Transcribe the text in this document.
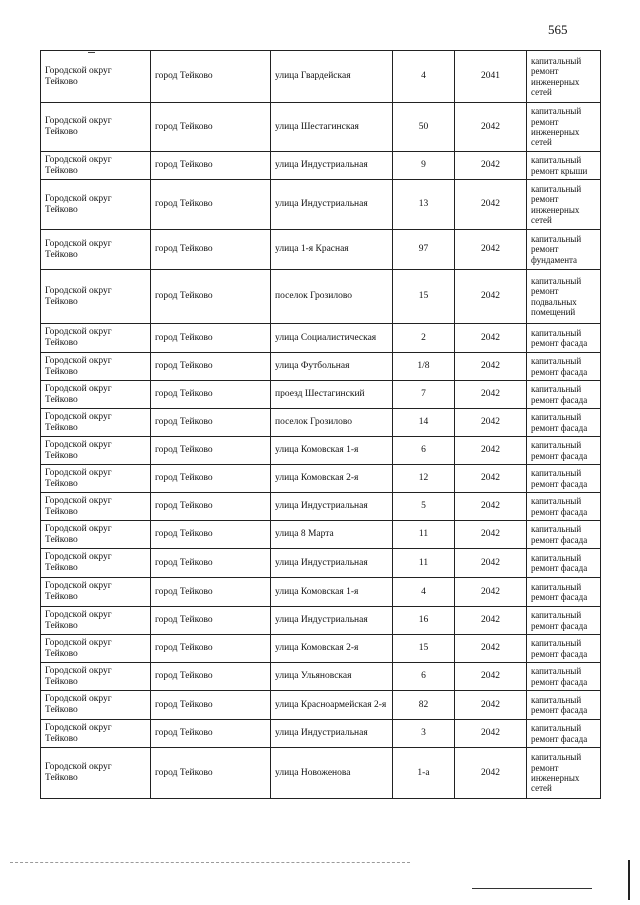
565
Городской округ Тейково	город Тейково	улица Гвардейская	4	2041	капитальный ремонт инженерных сетей
Городской округ Тейково	город Тейково	улица Шестагинская	50	2042	капитальный ремонт инженерных сетей
Городской округ Тейково	город Тейково	улица Индустриальная	9	2042	капитальный ремонт крыши
Городской округ Тейково	город Тейково	улица Индустриальная	13	2042	капитальный ремонт инженерных сетей
Городской округ Тейково	город Тейково	улица 1-я Красная	97	2042	капитальный ремонт фундамента
Городской округ Тейково	город Тейково	поселок Грозилово	15	2042	капитальный ремонт подвальных помещений
Городской округ Тейково	город Тейково	улица Социалистическая	2	2042	капитальный ремонт фасада
Городской округ Тейково	город Тейково	улица Футбольная	1/8	2042	капитальный ремонт фасада
Городской округ Тейково	город Тейково	проезд Шестагинский	7	2042	капитальный ремонт фасада
Городской округ Тейково	город Тейково	поселок Грозилово	14	2042	капитальный ремонт фасада
Городской округ Тейково	город Тейково	улица Комовская 1-я	6	2042	капитальный ремонт фасада
Городской округ Тейково	город Тейково	улица Комовская 2-я	12	2042	капитальный ремонт фасада
Городской округ Тейково	город Тейково	улица Индустриальная	5	2042	капитальный ремонт фасада
Городской округ Тейково	город Тейково	улица 8 Марта	11	2042	капитальный ремонт фасада
Городской округ Тейково	город Тейково	улица Индустриальная	11	2042	капитальный ремонт фасада
Городской округ Тейково	город Тейково	улица Комовская 1-я	4	2042	капитальный ремонт фасада
Городской округ Тейково	город Тейково	улица Индустриальная	16	2042	капитальный ремонт фасада
Городской округ Тейково	город Тейково	улица Комовская 2-я	15	2042	капитальный ремонт фасада
Городской округ Тейково	город Тейково	улица Ульяновская	6	2042	капитальный ремонт фасада
Городской округ Тейково	город Тейково	улица Красноармейская 2-я	82	2042	капитальный ремонт фасада
Городской округ Тейково	город Тейково	улица Индустриальная	3	2042	капитальный ремонт фасада
Городской округ Тейково	город Тейково	улица Новоженова	1-а	2042	капитальный ремонт инженерных сетей
